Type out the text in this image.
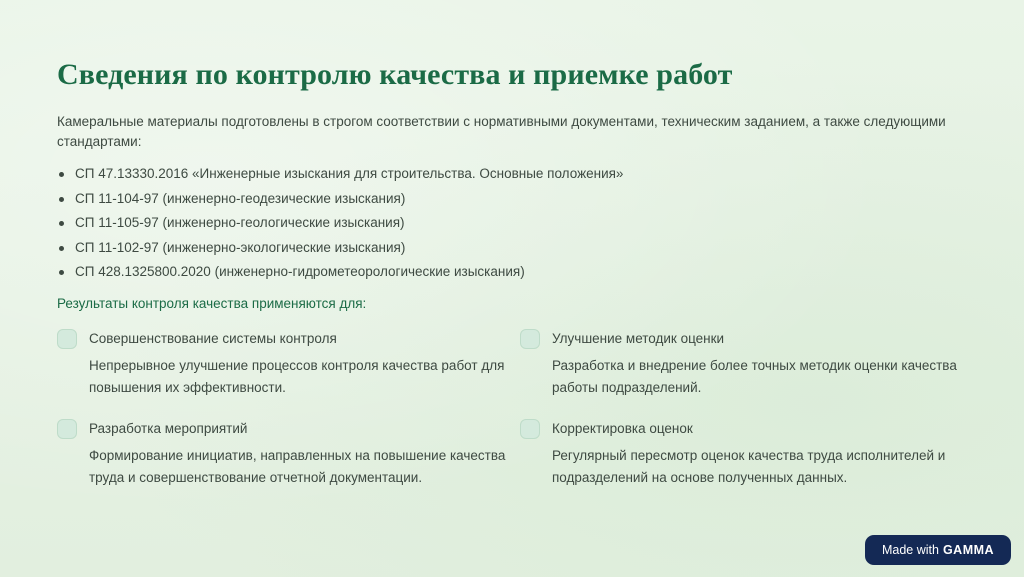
Сведения по контролю качества и приемке работ

Камеральные материалы подготовлены в строгом соответствии с нормативными документами, техническим заданием, а также следующими стандартами:

СП 47.13330.2016 «Инженерные изыскания для строительства. Основные положения»
СП 11-104-97 (инженерно-геодезические изыскания)
СП 11-105-97 (инженерно-геологические изыскания)
СП 11-102-97 (инженерно-экологические изыскания)
СП 428.1325800.2020 (инженерно-гидрометеорологические изыскания)

Результаты контроля качества применяются для:

Совершенствование системы контроля

Непрерывное улучшение процессов контроля качества работ для повышения их эффективности.

Улучшение методик оценки

Разработка и внедрение более точных методик оценки качества работы подразделений.

Разработка мероприятий

Формирование инициатив, направленных на повышение качества труда и совершенствование отчетной документации.

Корректировка оценок

Регулярный пересмотр оценок качества труда исполнителей и подразделений на основе полученных данных.

Made with GAMMA
